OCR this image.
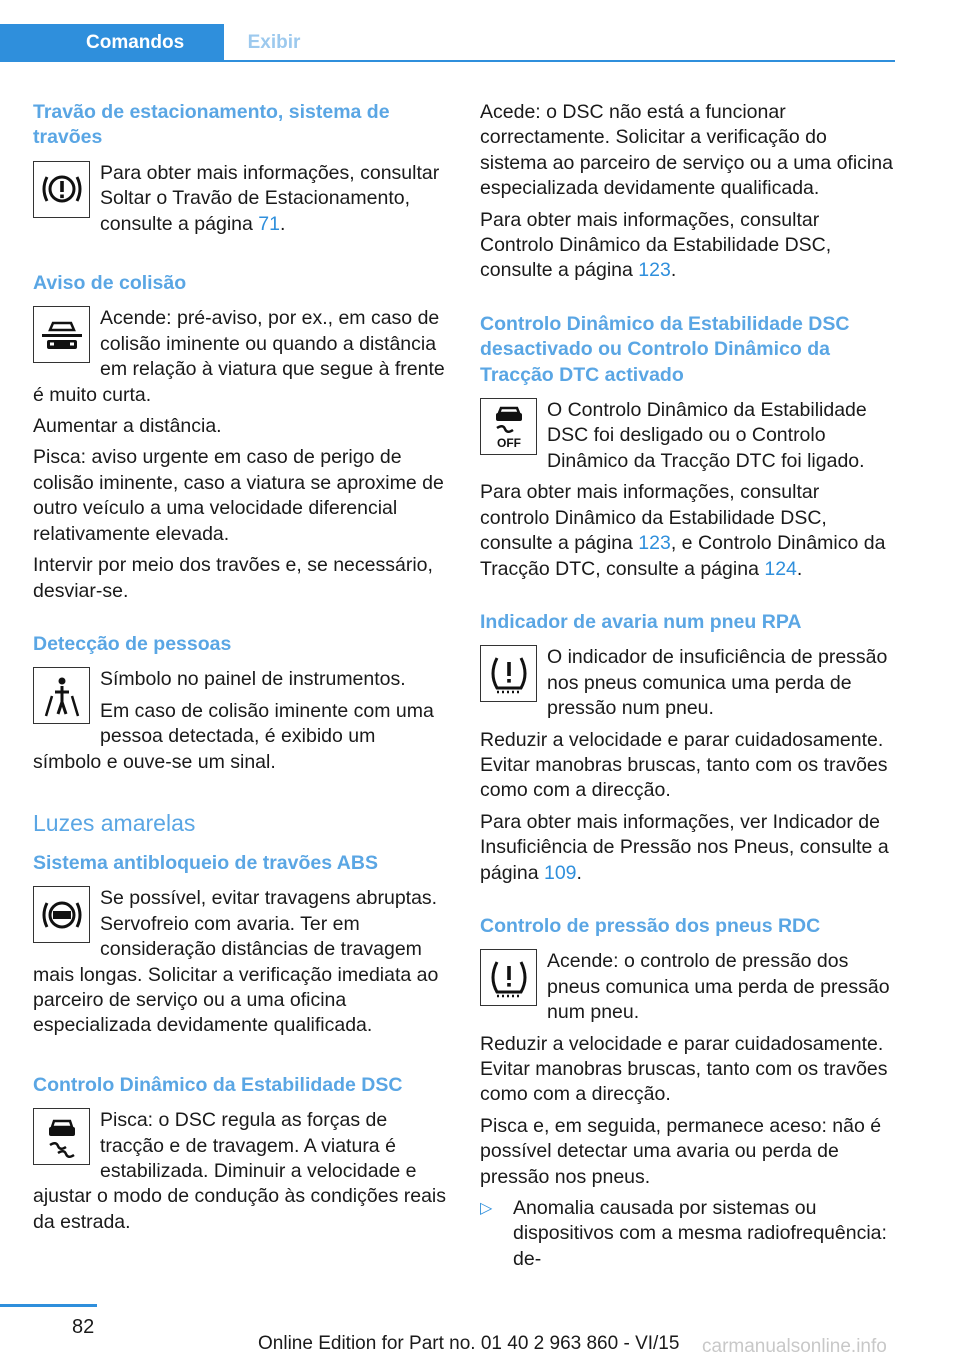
Comandos	Exibir
Travão de estacionamento, sistema de travões

Para obter mais informações, consultar Soltar o Travão de Estacionamento, consulte a página 71.

Aviso de colisão

Acende: pré-aviso, por ex., em caso de colisão iminente ou quando a distância em relação à viatura que segue à frente é muito curta.

Aumentar a distância.

Pisca: aviso urgente em caso de perigo de colisão iminente, caso a viatura se aproxime de outro veículo a uma velocidade diferencial relativamente elevada.

Intervir por meio dos travões e, se necessário, desviar-se.

Detecção de pessoas

Símbolo no painel de instrumentos.

Em caso de colisão iminente com uma pessoa detectada, é exibido um símbolo e ouve-se um sinal.

Luzes amarelas
Sistema antibloqueio de travões ABS

Se possível, evitar travagens abruptas. Servofreio com avaria. Ter em consideração distâncias de travagem mais longas. Solicitar a verificação imediata ao parceiro de serviço ou a uma oficina especializada devidamente qualificada.

Controlo Dinâmico da Estabilidade DSC

Pisca: o DSC regula as forças de tracção e de travagem. A viatura é estabilizada. Diminuir a velocidade e ajustar o modo de condução às condições reais da estrada.

Acede: o DSC não está a funcionar correctamente. Solicitar a verificação do sistema ao parceiro de serviço ou a uma oficina especializada devidamente qualificada.

Para obter mais informações, consultar Controlo Dinâmico da Estabilidade DSC, consulte a página 123.

Controlo Dinâmico da Estabilidade DSC desactivado ou Controlo Dinâmico da Tracção DTC activado
OFF

O Controlo Dinâmico da Estabilidade DSC foi desligado ou o Controlo Dinâmico da Tracção DTC foi ligado.

Para obter mais informações, consultar controlo Dinâmico da Estabilidade DSC, consulte a página 123, e Controlo Dinâmico da Tracção DTC, consulte a página 124.

Indicador de avaria num pneu RPA

O indicador de insuficiência de pressão nos pneus comunica uma perda de pressão num pneu.

Reduzir a velocidade e parar cuidadosamente. Evitar manobras bruscas, tanto com os travões como com a direcção.

Para obter mais informações, ver Indicador de Insuficiência de Pressão nos Pneus, consulte a página 109.

Controlo de pressão dos pneus RDC

Acende: o controlo de pressão dos pneus comunica uma perda de pressão num pneu.

Reduzir a velocidade e parar cuidadosamente. Evitar manobras bruscas, tanto com os travões como com a direcção.

Pisca e, em seguida, permanece aceso: não é possível detectar uma avaria ou perda de pressão nos pneus.

▷ Anomalia causada por sistemas ou dispositivos com a mesma radiofrequência: de-
82
Online Edition for Part no. 01 40 2 963 860 - VI/15 carmanualsonline.info
